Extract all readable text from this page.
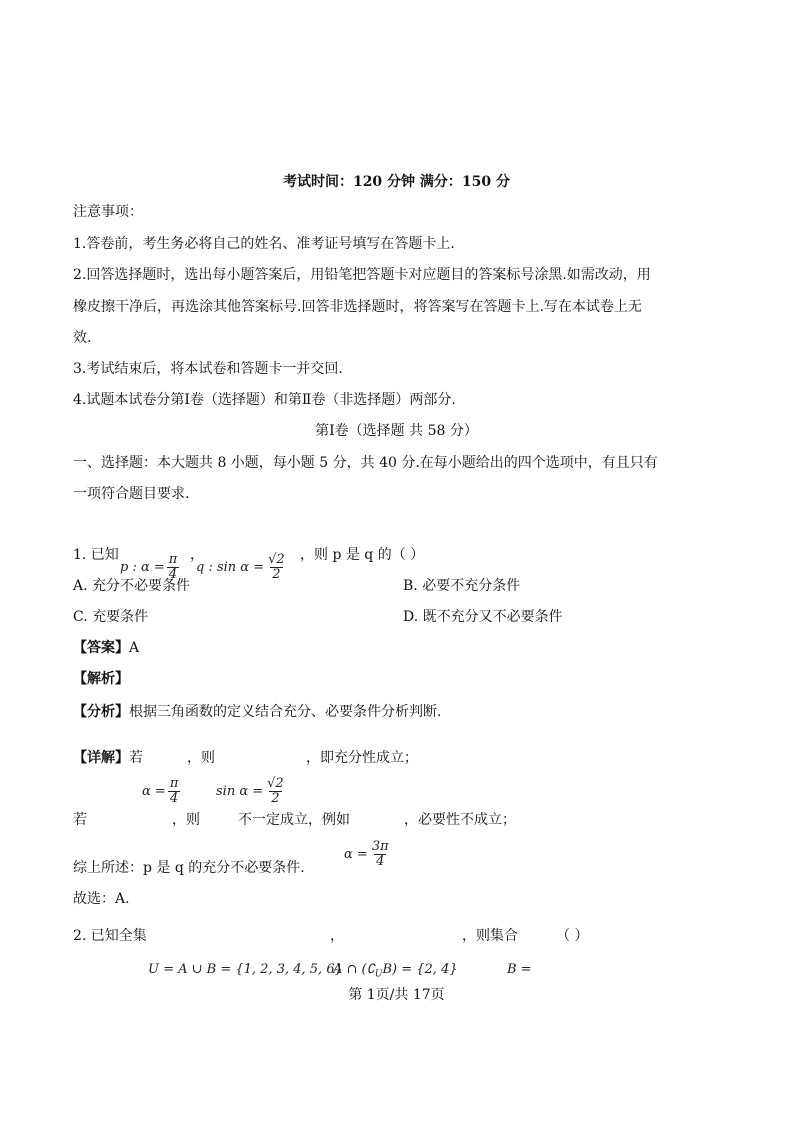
考试时间：120 分钟 满分：150 分
注意事项：
1.答卷前，考生务必将自己的姓名、准考证号填写在答题卡上.
2.回答选择题时，选出每小题答案后，用铅笔把答题卡对应题目的答案标号涂黑.如需改动，用
橡皮擦干净后，再选涂其他答案标号.回答非选择题时，将答案写在答题卡上.写在本试卷上无
效.
3.考试结束后，将本试卷和答题卡一并交回.
4.试题本试卷分第Ⅰ卷（选择题）和第Ⅱ卷（非选择题）两部分.
第Ⅰ卷（选择题 共 58 分）
一、选择题：本大题共 8 小题，每小题 5 分，共 40 分.在每小题给出的四个选项中，有且只有
一项符合题目要求.
1. 已知	，	，则 p 是 q 的（ ）
p : $\alpha = \frac{\pi}{4}$ q : $\sin \alpha = \frac{√2}{2}$
A. 充分不必要条件	B. 必要不充分条件
C. 充要条件	D. 既不充分又不必要条件
【答案】A
【解析】
【分析】根据三角函数的定义结合充分、必要条件分析判断.
【详解】若	，则	，即充分性成立；
$\alpha = \frac{\pi}{4}$	$\sin \alpha = \frac{√2}{2}$
若	，则	不一定成立，例如	，必要性不成立；
$\alpha = \frac{3\pi}{4}$
综上所述：p 是 q 的充分不必要条件.
故选：A.
2. 已知全集	，	，则集合	（ ）
U = A ∪ B = {1, 2, 3, 4, 5, 6}
A ∩ $(∁_UB) = \{2$, 4}	B =
第 1页/共 17页
